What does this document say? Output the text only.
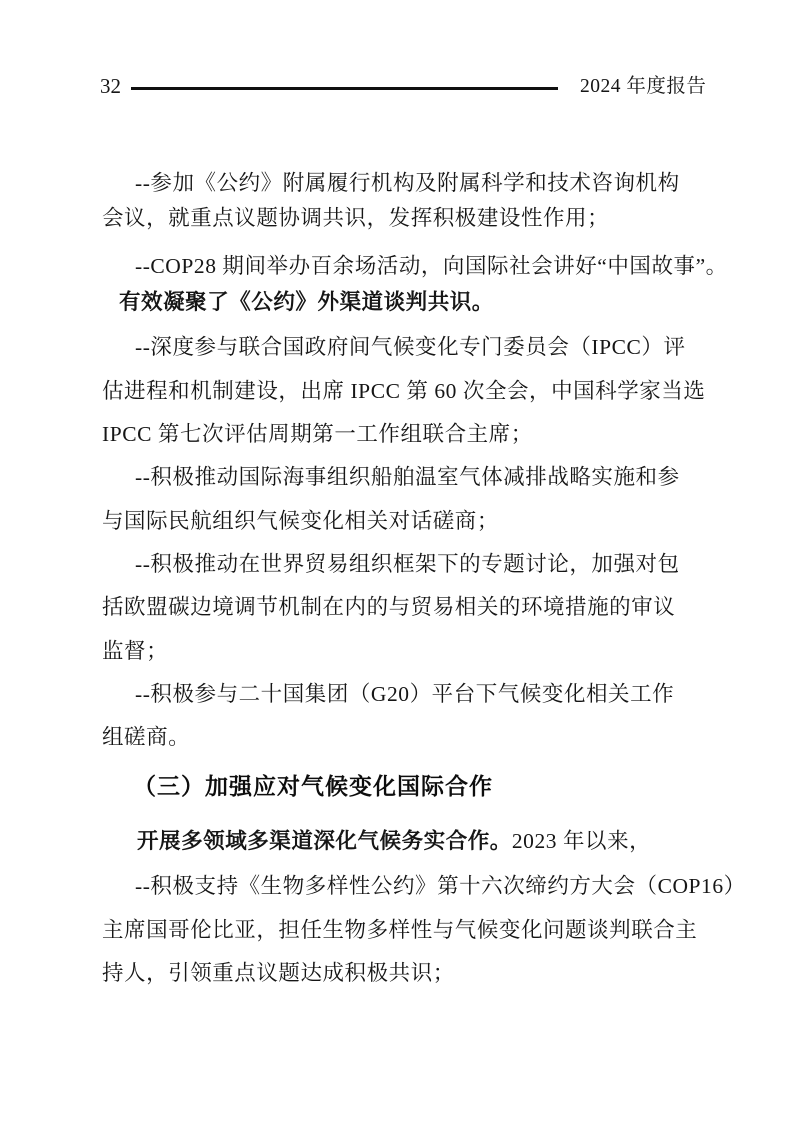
32	2024 年度报告
--参加《公约》附属履行机构及附属科学和技术咨询机构
会议，就重点议题协调共识，发挥积极建设性作用；
--COP28 期间举办百余场活动，向国际社会讲好“中国故事”。
有效凝聚了《公约》外渠道谈判共识。
--深度参与联合国政府间气候变化专门委员会（IPCC）评
估进程和机制建设，出席 IPCC 第 60 次全会，中国科学家当选
IPCC 第七次评估周期第一工作组联合主席；
--积极推动国际海事组织船舶温室气体减排战略实施和参
与国际民航组织气候变化相关对话磋商；
--积极推动在世界贸易组织框架下的专题讨论，加强对包
括欧盟碳边境调节机制在内的与贸易相关的环境措施的审议
监督；
--积极参与二十国集团（G20）平台下气候变化相关工作
组磋商。
（三）加强应对气候变化国际合作
开展多领域多渠道深化气候务实合作。2023 年以来，
--积极支持《生物多样性公约》第十六次缔约方大会（COP16）
主席国哥伦比亚，担任生物多样性与气候变化问题谈判联合主
持人，引领重点议题达成积极共识；
